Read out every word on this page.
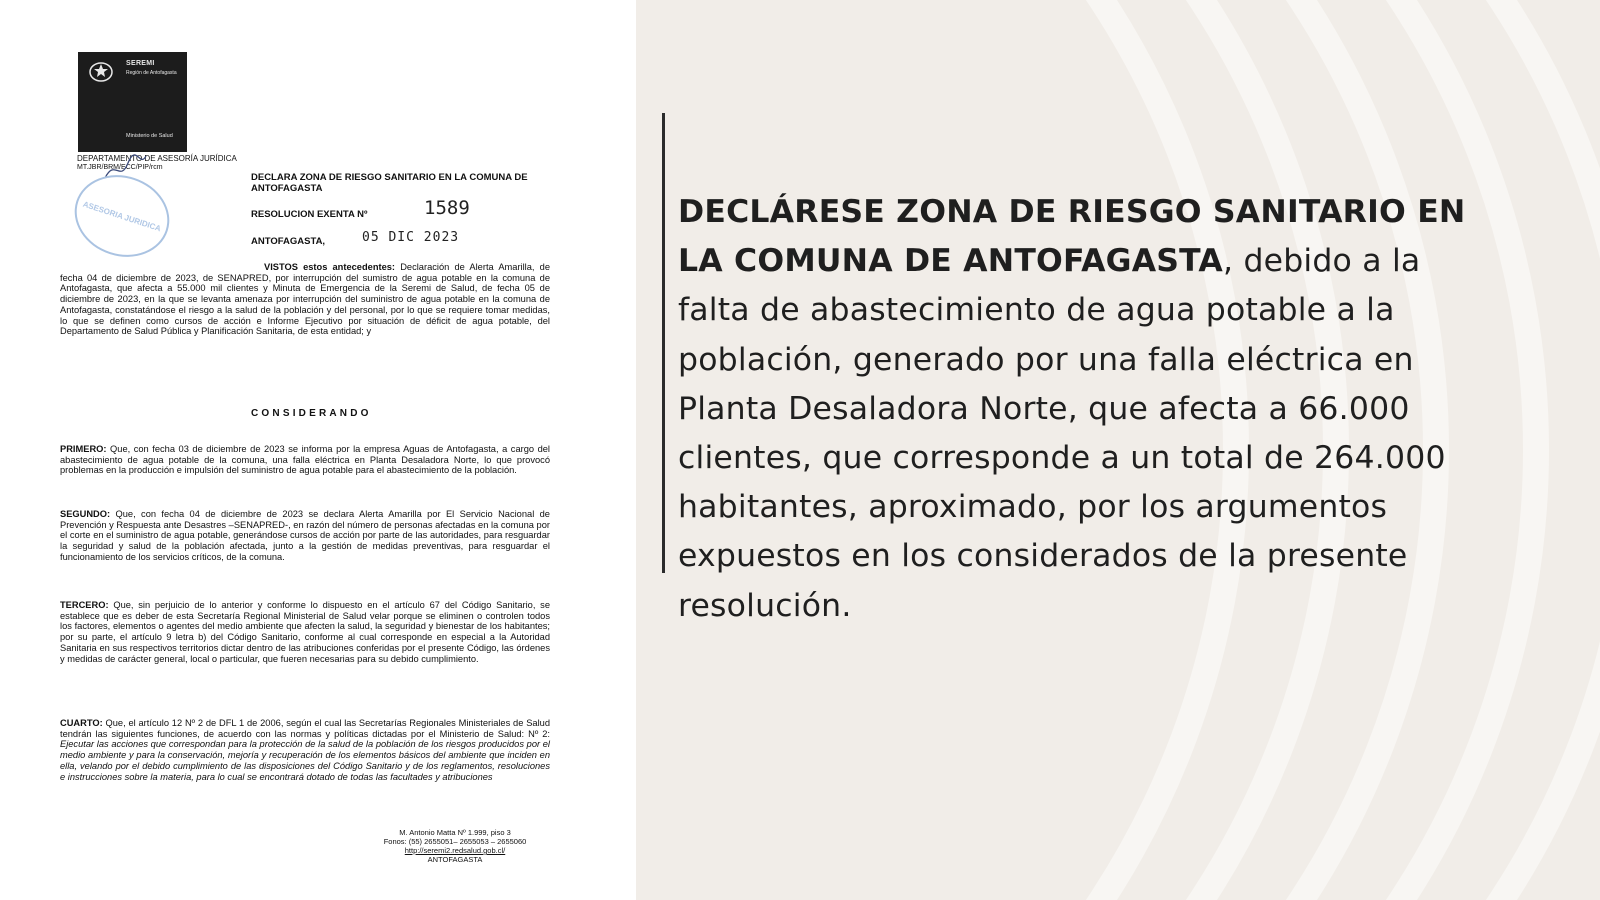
SEREMI
Región de Antofagasta
Ministerio de Salud
DEPARTAMENTO DE ASESORÍA JURÍDICA
MT.JBR/BRM/ECC/PIP/rcm
ASESORIA JURIDICA
DECLARA ZONA DE RIESGO SANITARIO EN LA COMUNA DE ANTOFAGASTA
RESOLUCION EXENTA Nº	1589
ANTOFAGASTA,	05 DIC 2023
VISTOS estos antecedentes: Declaración de Alerta Amarilla, de fecha 04 de diciembre de 2023, de SENAPRED, por interrupción del sumistro de agua potable en la comuna de Antofagasta, que afecta a 55.000 mil clientes y Minuta de Emergencia de la Seremi de Salud, de fecha 05 de diciembre de 2023, en la que se levanta amenaza por interrupción del suministro de agua potable en la comuna de Antofagasta, constatándose el riesgo a la salud de la población y del personal, por lo que se requiere tomar medidas, lo que se definen como cursos de acción e Informe Ejecutivo por situación de déficit de agua potable, del Departamento de Salud Pública y Planificación Sanitaria, de esta entidad; y
CONSIDERANDO
PRIMERO: Que, con fecha 03 de diciembre de 2023 se informa por la empresa Aguas de Antofagasta, a cargo del abastecimiento de agua potable de la comuna, una falla eléctrica en Planta Desaladora Norte, lo que provocó problemas en la producción e impulsión del suministro de agua potable para el abastecimiento de la población.
SEGUNDO: Que, con fecha 04 de diciembre de 2023 se declara Alerta Amarilla por El Servicio Nacional de Prevención y Respuesta ante Desastres –SENAPRED-, en razón del número de personas afectadas en la comuna por el corte en el suministro de agua potable, generándose cursos de acción por parte de las autoridades, para resguardar la seguridad y salud de la población afectada, junto a la gestión de medidas preventivas, para resguardar el funcionamiento de los servicios críticos, de la comuna.
TERCERO: Que, sin perjuicio de lo anterior y conforme lo dispuesto en el artículo 67 del Código Sanitario, se establece que es deber de esta Secretaría Regional Ministerial de Salud velar porque se eliminen o controlen todos los factores, elementos o agentes del medio ambiente que afecten la salud, la seguridad y bienestar de los habitantes; por su parte, el artículo 9 letra b) del Código Sanitario, conforme al cual corresponde en especial a la Autoridad Sanitaria en sus respectivos territorios dictar dentro de las atribuciones conferidas por el presente Código, las órdenes y medidas de carácter general, local o particular, que fueren necesarias para su debido cumplimiento.
CUARTO: Que, el artículo 12 Nº 2 de DFL 1 de 2006, según el cual las Secretarías Regionales Ministeriales de Salud tendrán las siguientes funciones, de acuerdo con las normas y políticas dictadas por el Ministerio de Salud: Nº 2: Ejecutar las acciones que correspondan para la protección de la salud de la población de los riesgos producidos por el medio ambiente y para la conservación, mejoría y recuperación de los elementos básicos del ambiente que inciden en ella, velando por el debido cumplimiento de las disposiciones del Código Sanitario y de los reglamentos, resoluciones e instrucciones sobre la materia, para lo cual se encontrará dotado de todas las facultades y atribuciones
M. Antonio Matta Nº 1.999, piso 3
Fonos: (55) 2655051– 2655053 – 2655060
http://seremi2.redsalud.gob.cl/
ANTOFAGASTA
DECLÁRESE ZONA DE RIESGO SANITARIO EN LA COMUNA DE ANTOFAGASTA, debido a la falta de abastecimiento de agua potable a la población, generado por una falla eléctrica en Planta Desaladora Norte, que afecta a 66.000 clientes, que corresponde a un total de 264.000 habitantes, aproximado, por los argumentos expuestos en los considerados de la presente resolución.
